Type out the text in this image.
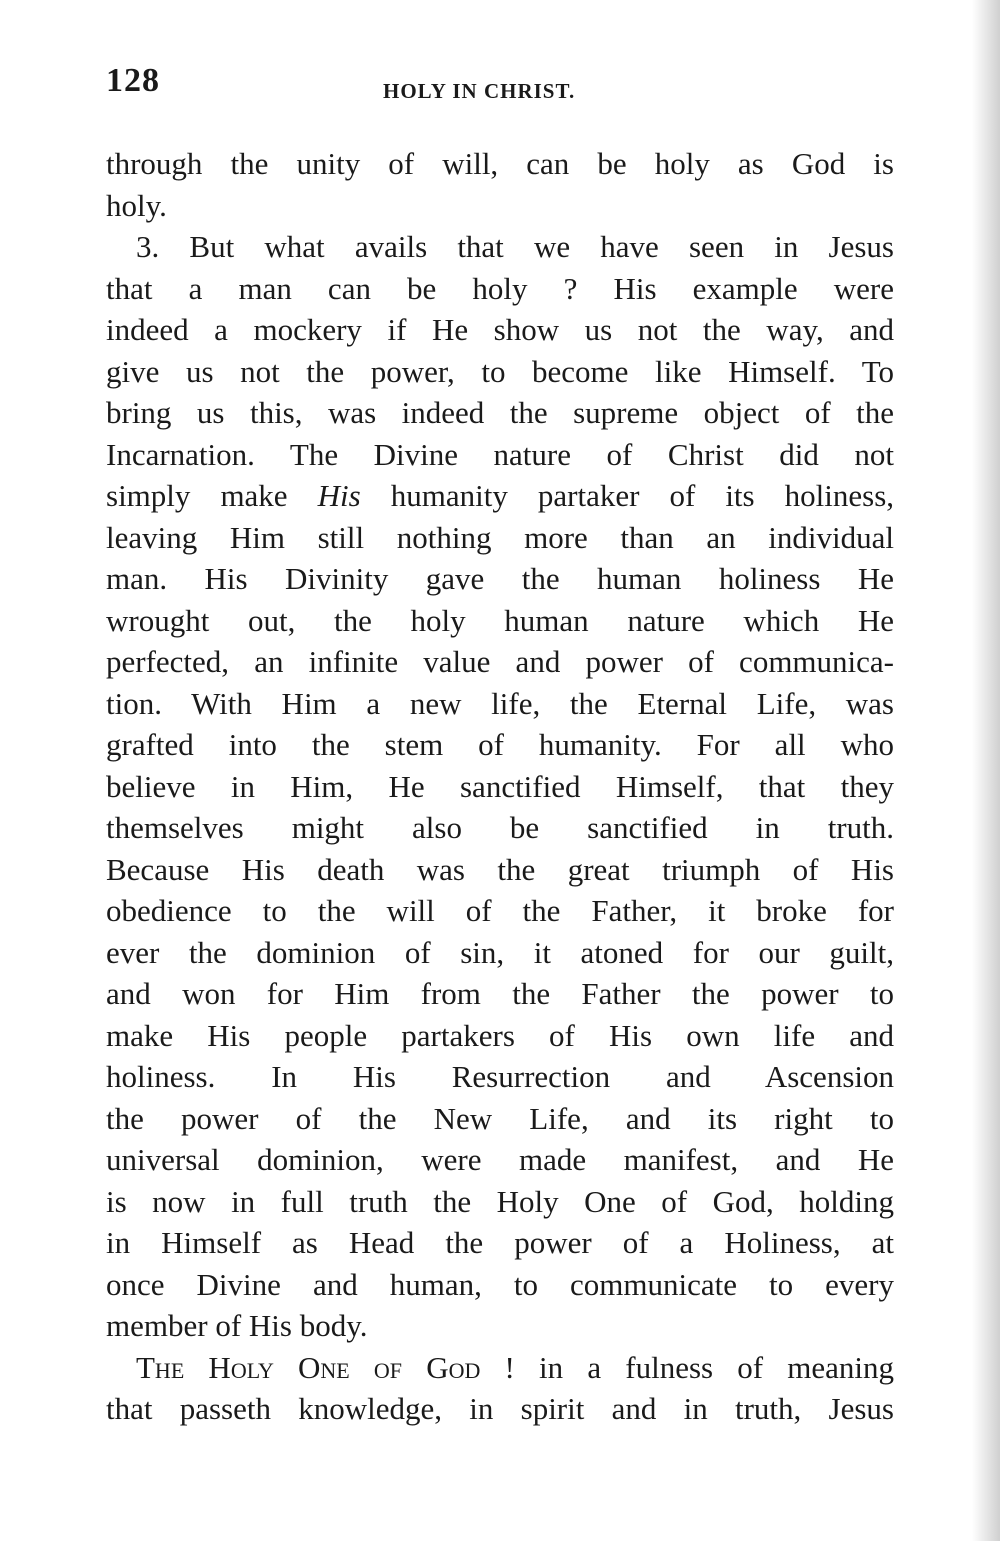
128	HOLY IN CHRIST.

through the unity of will, can be holy as God is
holy.

3. But what avails that we have seen in Jesus
that a man can be holy ? His example were
indeed a mockery if He show us not the way, and
give us not the power, to become like Himself. To
bring us this, was indeed the supreme object of the
Incarnation. The Divine nature of Christ did not
simply make His humanity partaker of its holiness,
leaving Him still nothing more than an individual
man. His Divinity gave the human holiness He
wrought out, the holy human nature which He
perfected, an infinite value and power of communica-
tion. With Him a new life, the Eternal Life, was
grafted into the stem of humanity. For all who
believe in Him, He sanctified Himself, that they
themselves might also be sanctified in truth.
Because His death was the great triumph of His
obedience to the will of the Father, it broke for
ever the dominion of sin, it atoned for our guilt,
and won for Him from the Father the power to
make His people partakers of His own life and
holiness. In His Resurrection and Ascension
the power of the New Life, and its right to
universal dominion, were made manifest, and He
is now in full truth the Holy One of God, holding
in Himself as Head the power of a Holiness, at
once Divine and human, to communicate to every
member of His body.

The Holy One of God ! in a fulness of meaning
that passeth knowledge, in spirit and in truth, Jesus
